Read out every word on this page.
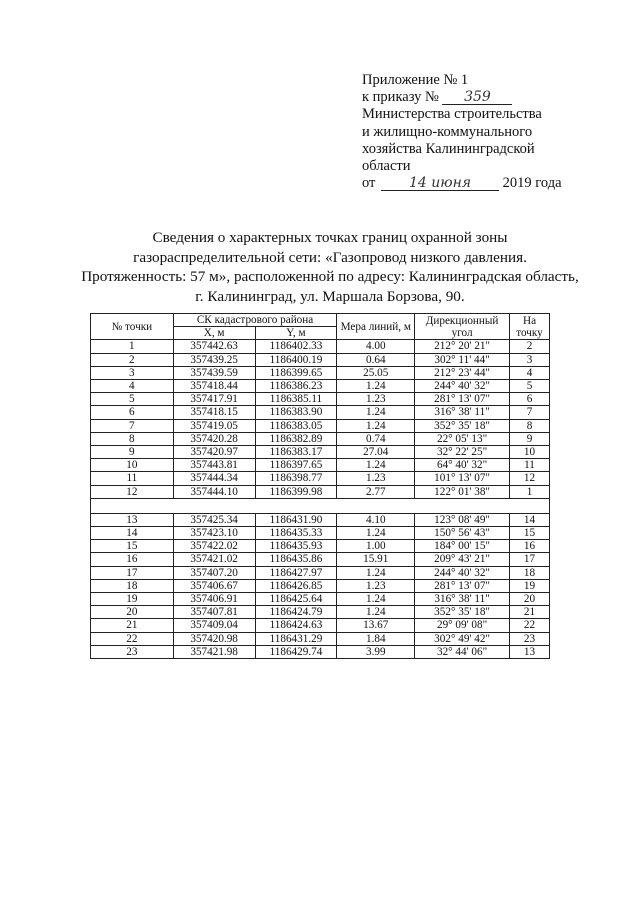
Приложение № 1
к приказу № 359
Министерства строительства
и жилищно-коммунального
хозяйства Калининградской
области
от 14 июня 2019 года
Сведения о характерных точках границ охранной зоны
газораспределительной сети: «Газопровод низкого давления.
Протяженность: 57 м», расположенной по адресу: Калининградская область,
г. Калининград, ул. Маршала Борзова, 90.
№ точки	СК кадастрового района		Мера линий, м	Дирекционный угол	На точку
	X, м	Y, м			
1	357442.63	1186402.33	4.00	212° 20' 21"	2
2	357439.25	1186400.19	0.64	302° 11' 44"	3
3	357439.59	1186399.65	25.05	212° 23' 44"	4
4	357418.44	1186386.23	1.24	244° 40' 32"	5
5	357417.91	1186385.11	1.23	281° 13' 07"	6
6	357418.15	1186383.90	1.24	316° 38' 11"	7
7	357419.05	1186383.05	1.24	352° 35' 18"	8
8	357420.28	1186382.89	0.74	22° 05' 13"	9
9	357420.97	1186383.17	27.04	32° 22' 25"	10
10	357443.81	1186397.65	1.24	64° 40' 32"	11
11	357444.34	1186398.77	1.23	101° 13' 07"	12
12	357444.10	1186399.98	2.77	122° 01' 38"	1

13	357425.34	1186431.90	4.10	123° 08' 49"	14
14	357423.10	1186435.33	1.24	150° 56' 43"	15
15	357422.02	1186435.93	1.00	184° 00' 15"	16
16	357421.02	1186435.86	15.91	209° 43' 21"	17
17	357407.20	1186427.97	1.24	244° 40' 32"	18
18	357406.67	1186426.85	1.23	281° 13' 07"	19
19	357406.91	1186425.64	1.24	316° 38' 11"	20
20	357407.81	1186424.79	1.24	352° 35' 18"	21
21	357409.04	1186424.63	13.67	29° 09' 08"	22
22	357420.98	1186431.29	1.84	302° 49' 42"	23
23	357421.98	1186429.74	3.99	32° 44' 06"	13
